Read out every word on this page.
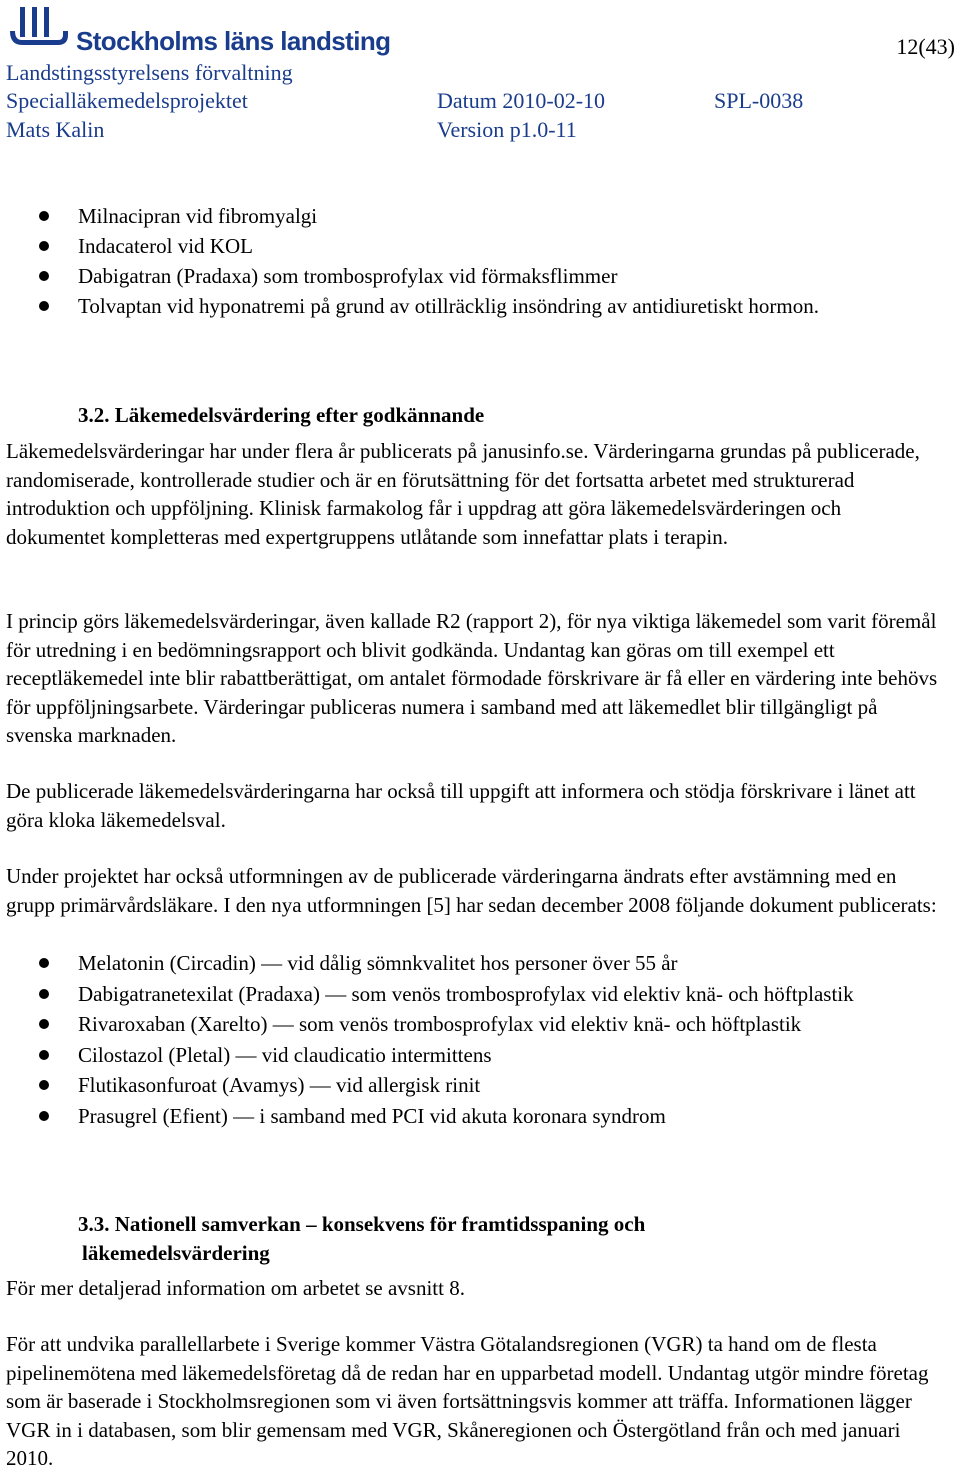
Stockholms läns landsting	12(43)
Landstingsstyrelsens förvaltning
Specialläkemedelsprojektet	Datum 2010-02-10	SPL-0038
Mats Kalin	Version p1.0-11
Milnacipran vid fibromyalgi
Indacaterol vid KOL
Dabigatran (Pradaxa) som trombosprofylax vid förmaksflimmer
Tolvaptan vid hyponatremi på grund av otillräcklig insöndring av antidiuretiskt hormon.
3.2. Läkemedelsvärdering efter godkännande
Läkemedelsvärderingar har under flera år publicerats på janusinfo.se. Värderingarna grundas på publicerade, randomiserade, kontrollerade studier och är en förutsättning för det fortsatta arbetet med strukturerad introduktion och uppföljning. Klinisk farmakolog får i uppdrag att göra läkemedelsvärderingen och dokumentet kompletteras med expertgruppens utlåtande som innefattar plats i terapin.
I princip görs läkemedelsvärderingar, även kallade R2 (rapport 2), för nya viktiga läkemedel som varit föremål för utredning i en bedömningsrapport och blivit godkända. Undantag kan göras om till exempel ett receptläkemedel inte blir rabattberättigat, om antalet förmodade förskrivare är få eller en värdering inte behövs för uppföljningsarbete. Värderingar publiceras numera i samband med att läkemedlet blir tillgängligt på svenska marknaden.
De publicerade läkemedelsvärderingarna har också till uppgift att informera och stödja förskrivare i länet att göra kloka läkemedelsval.
Under projektet har också utformningen av de publicerade värderingarna ändrats efter avstämning med en grupp primärvårdsläkare. I den nya utformningen [5] har sedan december 2008 följande dokument publicerats:
Melatonin (Circadin) — vid dålig sömnkvalitet hos personer över 55 år
Dabigatranetexilat (Pradaxa) — som venös trombosprofylax vid elektiv knä- och höftplastik
Rivaroxaban (Xarelto) — som venös trombosprofylax vid elektiv knä- och höftplastik
Cilostazol (Pletal) — vid claudicatio intermittens
Flutikasonfuroat (Avamys) — vid allergisk rinit
Prasugrel (Efient) — i samband med PCI vid akuta koronara syndrom
3.3. Nationell samverkan – konsekvens för framtidsspaning och
läkemedelsvärdering
För mer detaljerad information om arbetet se avsnitt 8.
För att undvika parallellarbete i Sverige kommer Västra Götalandsregionen (VGR) ta hand om de flesta pipelinemötena med läkemedelsföretag då de redan har en upparbetad modell. Undantag utgör mindre företag som är baserade i Stockholmsregionen som vi även fortsättningsvis kommer att träffa. Informationen lägger VGR in i databasen, som blir gemensam med VGR, Skåneregionen och Östergötland från och med januari 2010.
